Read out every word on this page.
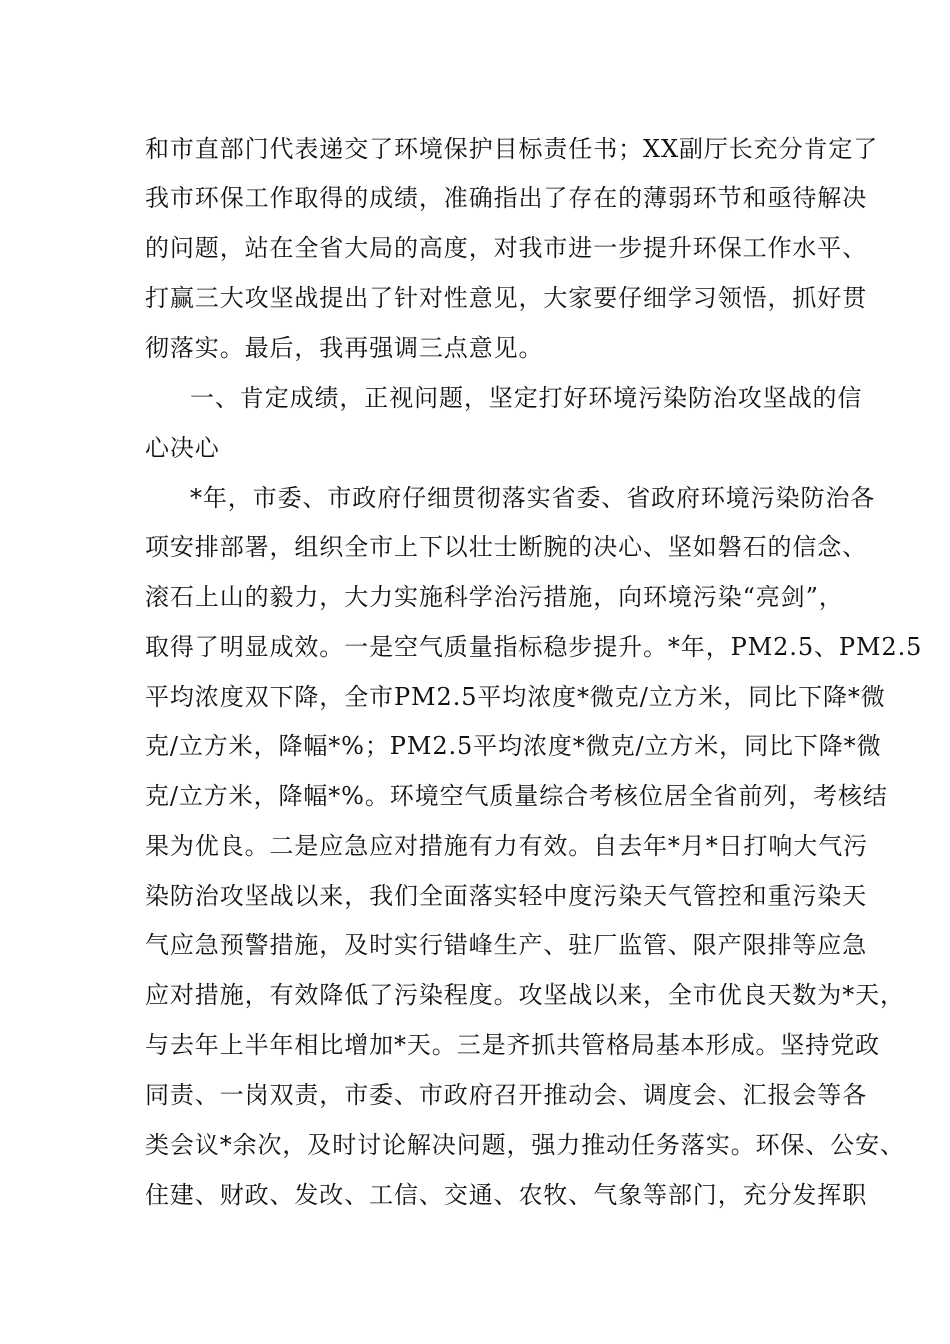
和市直部门代表递交了环境保护目标责任书；XX副厅长充分肯定了
我市环保工作取得的成绩，准确指出了存在的薄弱环节和亟待解决
的问题，站在全省大局的高度，对我市进一步提升环保工作水平、
打赢三大攻坚战提出了针对性意见，大家要仔细学习领悟，抓好贯
彻落实。最后，我再强调三点意见。
一、肯定成绩，正视问题，坚定打好环境污染防治攻坚战的信
心决心
*年，市委、市政府仔细贯彻落实省委、省政府环境污染防治各
项安排部署，组织全市上下以壮士断腕的决心、坚如磐石的信念、
滚石上山的毅力，大力实施科学治污措施，向环境污染“亮剑”，
取得了明显成效。一是空气质量指标稳步提升。*年，PM2.5、PM2.5
平均浓度双下降，全市PM2.5平均浓度*微克/立方米，同比下降*微
克/立方米，降幅*%；PM2.5平均浓度*微克/立方米，同比下降*微
克/立方米，降幅*%。环境空气质量综合考核位居全省前列，考核结
果为优良。二是应急应对措施有力有效。自去年*月*日打响大气污
染防治攻坚战以来，我们全面落实轻中度污染天气管控和重污染天
气应急预警措施，及时实行错峰生产、驻厂监管、限产限排等应急
应对措施，有效降低了污染程度。攻坚战以来，全市优良天数为*天，
与去年上半年相比增加*天。三是齐抓共管格局基本形成。坚持党政
同责、一岗双责，市委、市政府召开推动会、调度会、汇报会等各
类会议*余次，及时讨论解决问题，强力推动任务落实。环保、公安、
住建、财政、发改、工信、交通、农牧、气象等部门，充分发挥职
